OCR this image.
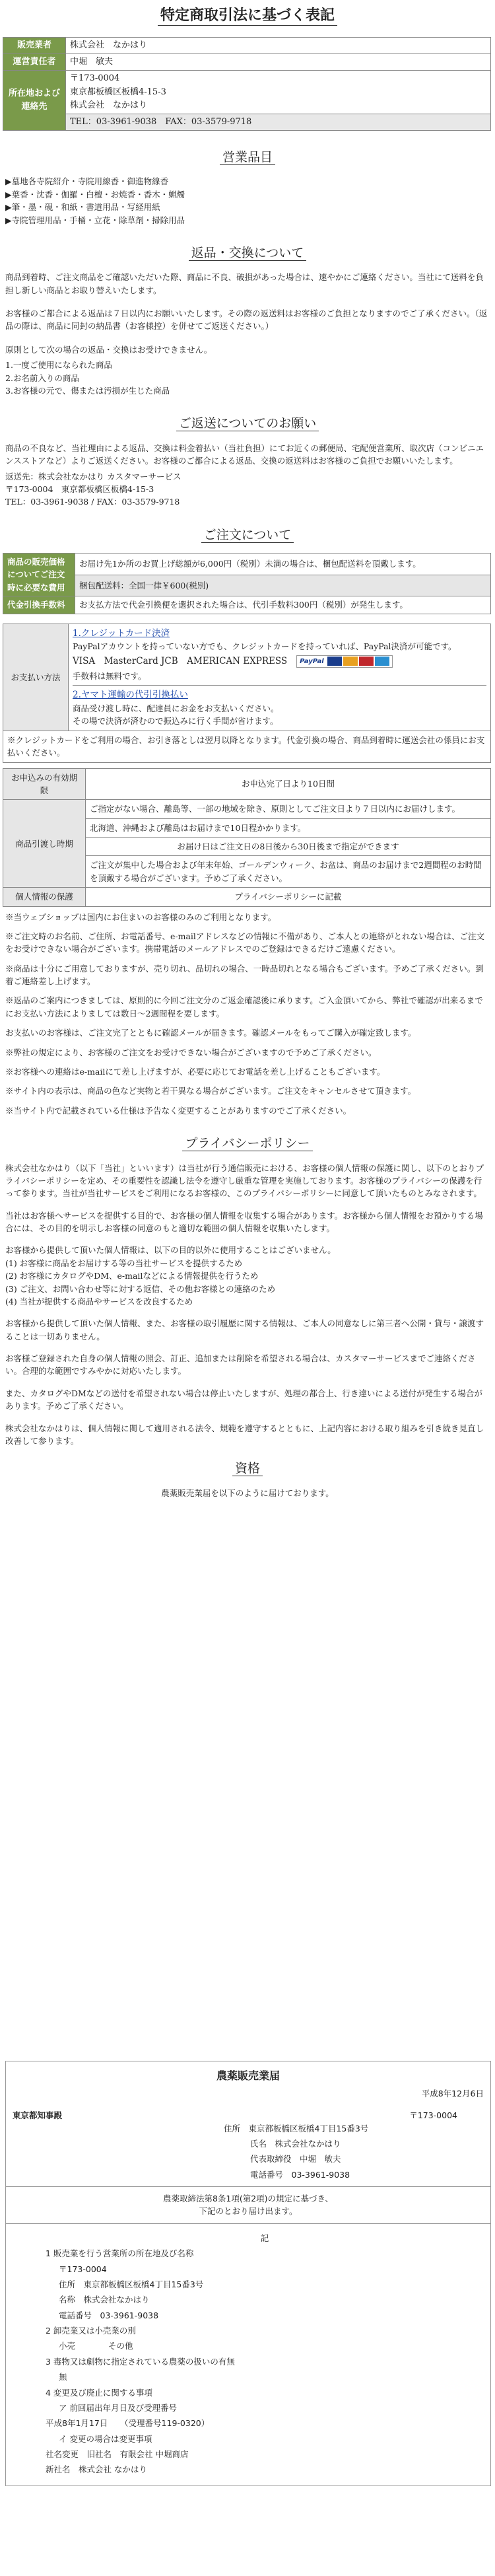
特定商取引法に基づく表記
販売業者	株式会社　なかはり
運営責任者	中堀　敏夫
所在地および連絡先	〒173-0004
東京都板橋区板橋4-15-3
株式会社　なかはり

	TEL：03-3961-9038　FAX：03-3579-9718
営業品目

▶墓地各寺院紹介・寺院用線香・御進物線香

▶葉香・沈香・伽羅・白檀・お焼香・香木・蝋燭

▶筆・墨・硯・和紙・書道用品・写経用紙

▶寺院管理用品・手桶・立花・除草剤・掃除用品

返品・交換について

商品到着時、ご注文商品をご確認いただいた際、商品に不良、破損があった場合は、速やかにご連絡ください。当社にて送料を負担し新しい商品とお取り替えいたします。

お客様のご都合による返品は７日以内にお願いいたします。その際の返送料はお客様のご負担となりますのでご了承ください。（返品の際は、商品に同封の納品書（お客様控）を併せてご返送ください。）

原則として次の場合の返品・交換はお受けできません。

1.一度ご使用になられた商品

2.お名前入りの商品

3.お客様の元で、傷または汚損が生じた商品

ご返送についてのお願い

商品の不良など、当社理由による返品、交換は料金着払い（当社負担）にてお近くの郵便局、宅配便営業所、取次店（コンビニエンスストアなど）よりご返送ください。お客様のご都合による返品、交換の返送料はお客様のご負担でお願いいたします。

返送先：株式会社なかはり カスタマーサービス

〒173-0004　東京都板橋区板橋4-15-3

TEL：03-3961-9038 / FAX：03-3579-9718

ご注文について
商品の販売価格についてご注文時に必要な費用	お届け先1か所のお買上げ総額が6,000円（税別）未満の場合は、梱包配送料を頂戴します。
	梱包配送料：全国一律￥600(税別)
代金引換手数料	お支払方法で代金引換便を選択された場合は、代引手数料300円（税別）が発生します。
お支払い方法	
1.クレジットカード決済
PayPalアカウントを持っていない方でも、クレジットカードを持っていれば、PayPal決済が可能です。
VISA　MasterCard JCB　AMERICAN EXPRESS	PayPal
手数料は無料です。
2.ヤマト運輸の代引引換払い
商品受け渡し時に、配達員にお金をお支払いください。
その場で決済が済むので振込みに行く手間が省けます。

※クレジットカードをご利用の場合、お引き落としは翌月以降となります。代金引換の場合、商品到着時に運送会社の係員にお支払いください。
お申込みの有効期限	お申込完了日より10日間
商品引渡し時期	ご指定がない場合、離島等、一部の地域を除き、原則としてご注文日より７日以内にお届けします。
	北海道、沖縄および離島はお届けまで10日程かかります。
	お届け日はご注文日の8日後から30日後まで指定ができます
	ご注文が集中した場合および年末年始、ゴールデンウィーク、お盆は、商品のお届けまで2週間程のお時間を頂戴する場合がございます。予めご了承ください。
個人情報の保護	プライバシーポリシーに記載

※当ウェブショップは国内にお住まいのお客様のみのご利用となります。

※ご注文時のお名前、ご住所、お電話番号、e-mailアドレスなどの情報に不備があり、ご本人との連絡がとれない場合は、ご注文をお受けできない場合がございます。携帯電話のメールアドレスでのご登録はできるだけご遠慮ください。

※商品は十分にご用意しておりますが、売り切れ、品切れの場合、一時品切れとなる場合もございます。予めご了承ください。到着ご連絡差し上げます。

※返品のご案内につきましては、原則的に今回ご注文分のご返金確認後に承ります。ご入金頂いてから、弊社で確認が出来るまでにお支払い方法によりましては数日～2週間程を要します。

お支払いのお客様は、ご注文完了とともに確認メールが届きます。確認メールをもってご購入が確定致します。

※弊社の規定により、お客様のご注文をお受けできない場合がございますので予めご了承ください。

※お客様への連絡はe-mailにて差し上げますが、必要に応じてお電話を差し上げることもございます。

※サイト内の表示は、商品の色など実物と若干異なる場合がございます。ご注文をキャンセルさせて頂きます。

※当サイト内で記載されている仕様は予告なく変更することがありますのでご了承ください。

プライバシーポリシー

株式会社なかはり（以下「当社」といいます）は当社が行う通信販売における、お客様の個人情報の保護に関し、以下のとおりプライバシーポリシーを定め、その重要性を認識し法令を遵守し厳重な管理を実施しております。お客様のプライバシーの保護を行って参ります。当社が当社サービスをご利用になるお客様の、このプライバシーポリシーに同意して頂いたものとみなされます。

当社はお客様へサービスを提供する目的で、お客様の個人情報を収集する場合があります。お客様から個人情報をお預かりする場合には、その目的を明示しお客様の同意のもと適切な範囲の個人情報を収集いたします。

お客様から提供して頂いた個人情報は、以下の目的以外に使用することはございません。
(1) お客様に商品をお届けする等の当社サービスを提供するため
(2) お客様にカタログやDM、e-mailなどによる情報提供を行うため
(3) ご注文、お問い合わせ等に対する返信、その他お客様との連絡のため
(4) 当社が提供する商品やサービスを改良するため

お客様から提供して頂いた個人情報、また、お客様の取引履歴に関する情報は、ご本人の同意なしに第三者へ公開・貸与・譲渡することは一切ありません。

お客様ご登録された自身の個人情報の照会、訂正、追加または削除を希望される場合は、カスタマーサービスまでご連絡ください。合理的な範囲ですみやかに対応いたします。

また、カタログやDMなどの送付を希望されない場合は停止いたしますが、処理の都合上、行き違いによる送付が発生する場合があります。予めご了承ください。

株式会社なかはりは、個人情報に関して適用される法令、規範を遵守するとともに、上記内容における取り組みを引き続き見直し改善して参ります。

資格
農薬販売業届を以下のように届けております。
農薬販売業届
平成8年12月6日
東京都知事殿	〒173-0004

住所　東京都板橋区板橋4丁目15番3号

氏名　株式会社なかはり

代表取締役　中堀　敏夫

電話番号　03-3961-9038

農薬取締法第8条1項(第2項)の規定に基づき、
下記のとおり届け出ます。

記

1 販売業を行う営業所の所在地及び名称

〒173-0004

住所　東京都板橋区板橋4丁目15番3号

名称　株式会社なかはり

電話番号　03-3961-9038

2 卸売業又は小売業の別

小売　　　　その他

3 毒物又は劇物に指定されている農薬の扱いの有無

無

4 変更及び廃止に関する事項

ア 前回届出年月日及び受理番号

平成8年1月17日　　（受理番号119-0320）

イ 変更の場合は変更事項

社名変更　旧社名　有限会社 中堀商店

新社名　株式会社 なかはり
